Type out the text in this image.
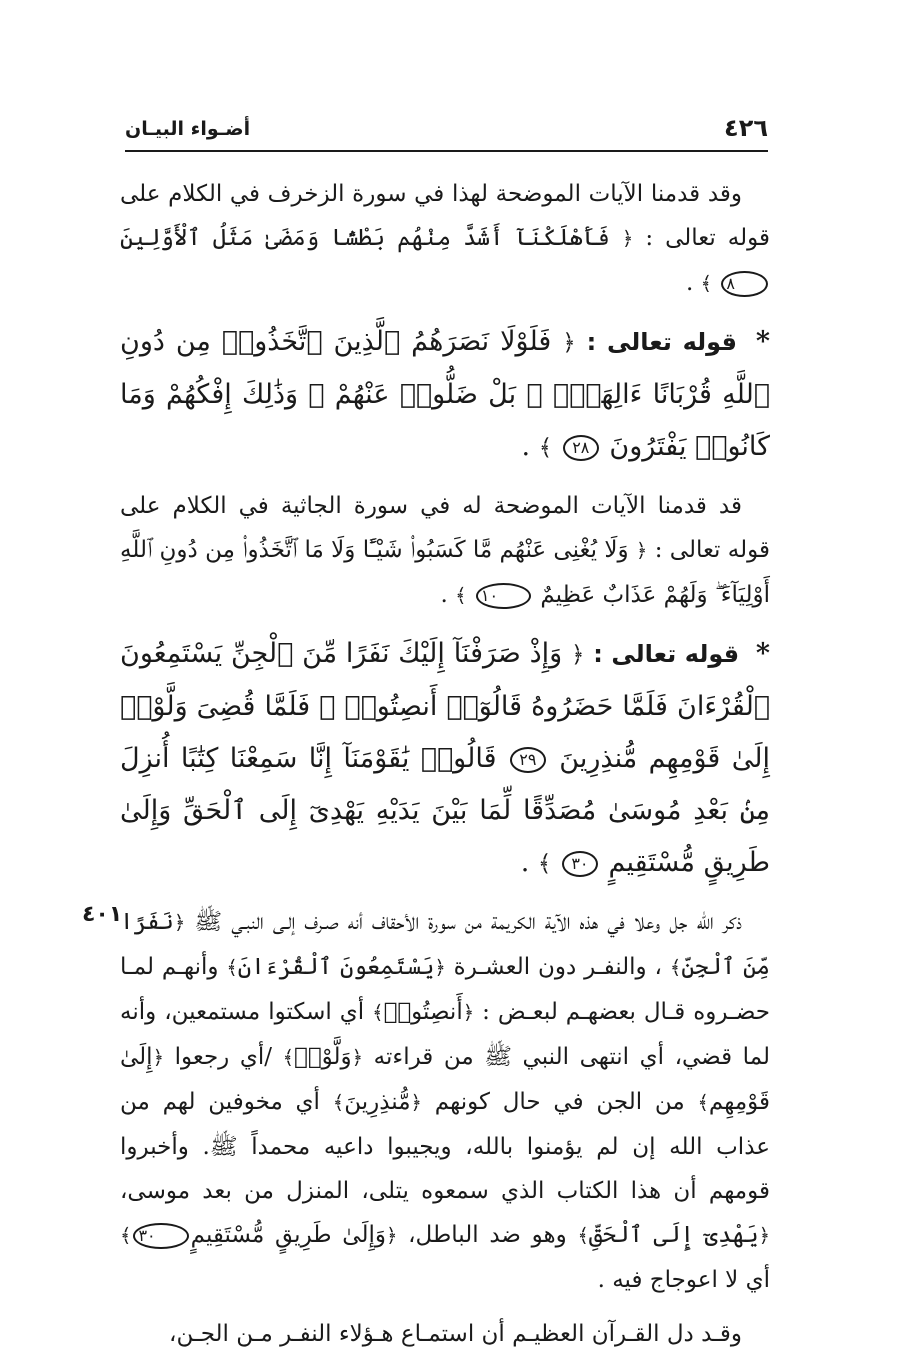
٤٢٦
أضـواء البيـان
٤٠١

وقد قدمنا الآيات الموضحة لهذا في سورة الزخرف في الكلام على قوله تعالى : ﴿ فَأَهْلَكْنَآ أَشَدَّ مِنْهُم بَطْشًا وَمَضَىٰ مَثَلُ ٱلْأَوَّلِينَ ٨ ﴾ .

* قوله تعالى : ﴿ فَلَوْلَا نَصَرَهُمُ ٱلَّذِينَ ٱتَّخَذُوا۟ مِن دُونِ ٱللَّهِ قُرْبَانًا ءَالِهَةًۢ ۖ بَلْ ضَلُّوا۟ عَنْهُمْ ۚ وَذَٰلِكَ إِفْكُهُمْ وَمَا كَانُوا۟ يَفْتَرُونَ ٢٨ ﴾ .

قد قدمنا الآيات الموضحة له في سورة الجاثية في الكلام على قوله تعالى : ﴿ وَلَا يُغْنِى عَنْهُم مَّا كَسَبُوا۟ شَيْـًٔا وَلَا مَا ٱتَّخَذُوا۟ مِن دُونِ ٱللَّهِ أَوْلِيَآءَ ۖ وَلَهُمْ عَذَابٌ عَظِيمٌ ١٠ ﴾ .

* قوله تعالى : ﴿ وَإِذْ صَرَفْنَآ إِلَيْكَ نَفَرًا مِّنَ ٱلْجِنِّ يَسْتَمِعُونَ ٱلْقُرْءَانَ فَلَمَّا حَضَرُوهُ قَالُوٓا۟ أَنصِتُوا۟ ۖ فَلَمَّا قُضِىَ وَلَّوْا۟ إِلَىٰ قَوْمِهِم مُّنذِرِينَ ٢٩ قَالُوا۟ يَٰقَوْمَنَآ إِنَّا سَمِعْنَا كِتَٰبًا أُنزِلَ مِنۢ بَعْدِ مُوسَىٰ مُصَدِّقًا لِّمَا بَيْنَ يَدَيْهِ يَهْدِىٓ إِلَى ٱلْحَقِّ وَإِلَىٰ طَرِيقٍ مُّسْتَقِيمٍ ٣٠ ﴾ .

ذكر الله جل وعلا في هذه الآية الكريمة من سورة الأحقاف أنه صـرف إلـى النبـي ﷺ ﴿نَفَرًا مِّنَ ٱلْجِنِّ﴾ ، والنفـر دون العشـرة ﴿يَسْتَمِعُونَ ٱلْقُرْءَانَ﴾ وأنهـم لمـا حضـروه قـال بعضهـم لبعـض : ﴿أَنصِتُوا۟﴾ أي اسكتوا مستمعين، وأنه لما قضي، أي انتهى النبي ﷺ من قراءته ﴿وَلَّوْا۟﴾ /أي رجعوا ﴿إِلَىٰ قَوْمِهِم﴾ من الجن في حال كونهم ﴿مُّنذِرِينَ﴾ أي مخوفين لهم من عذاب الله إن لم يؤمنوا بالله، ويجيبوا داعيه محمداً ﷺ. وأخبروا قومهم أن هذا الكتاب الذي سمعوه يتلى، المنزل من بعد موسى، ﴿يَهْدِىٓ إِلَى ٱلْحَقِّ﴾ وهو ضد الباطل، ﴿وَإِلَىٰ طَرِيقٍ مُّسْتَقِيمٍ٣٠﴾ أي لا اعوجاج فيه .

وقـد دل القـرآن العظيـم أن استمـاع هـؤلاء النفـر مـن الجـن،
